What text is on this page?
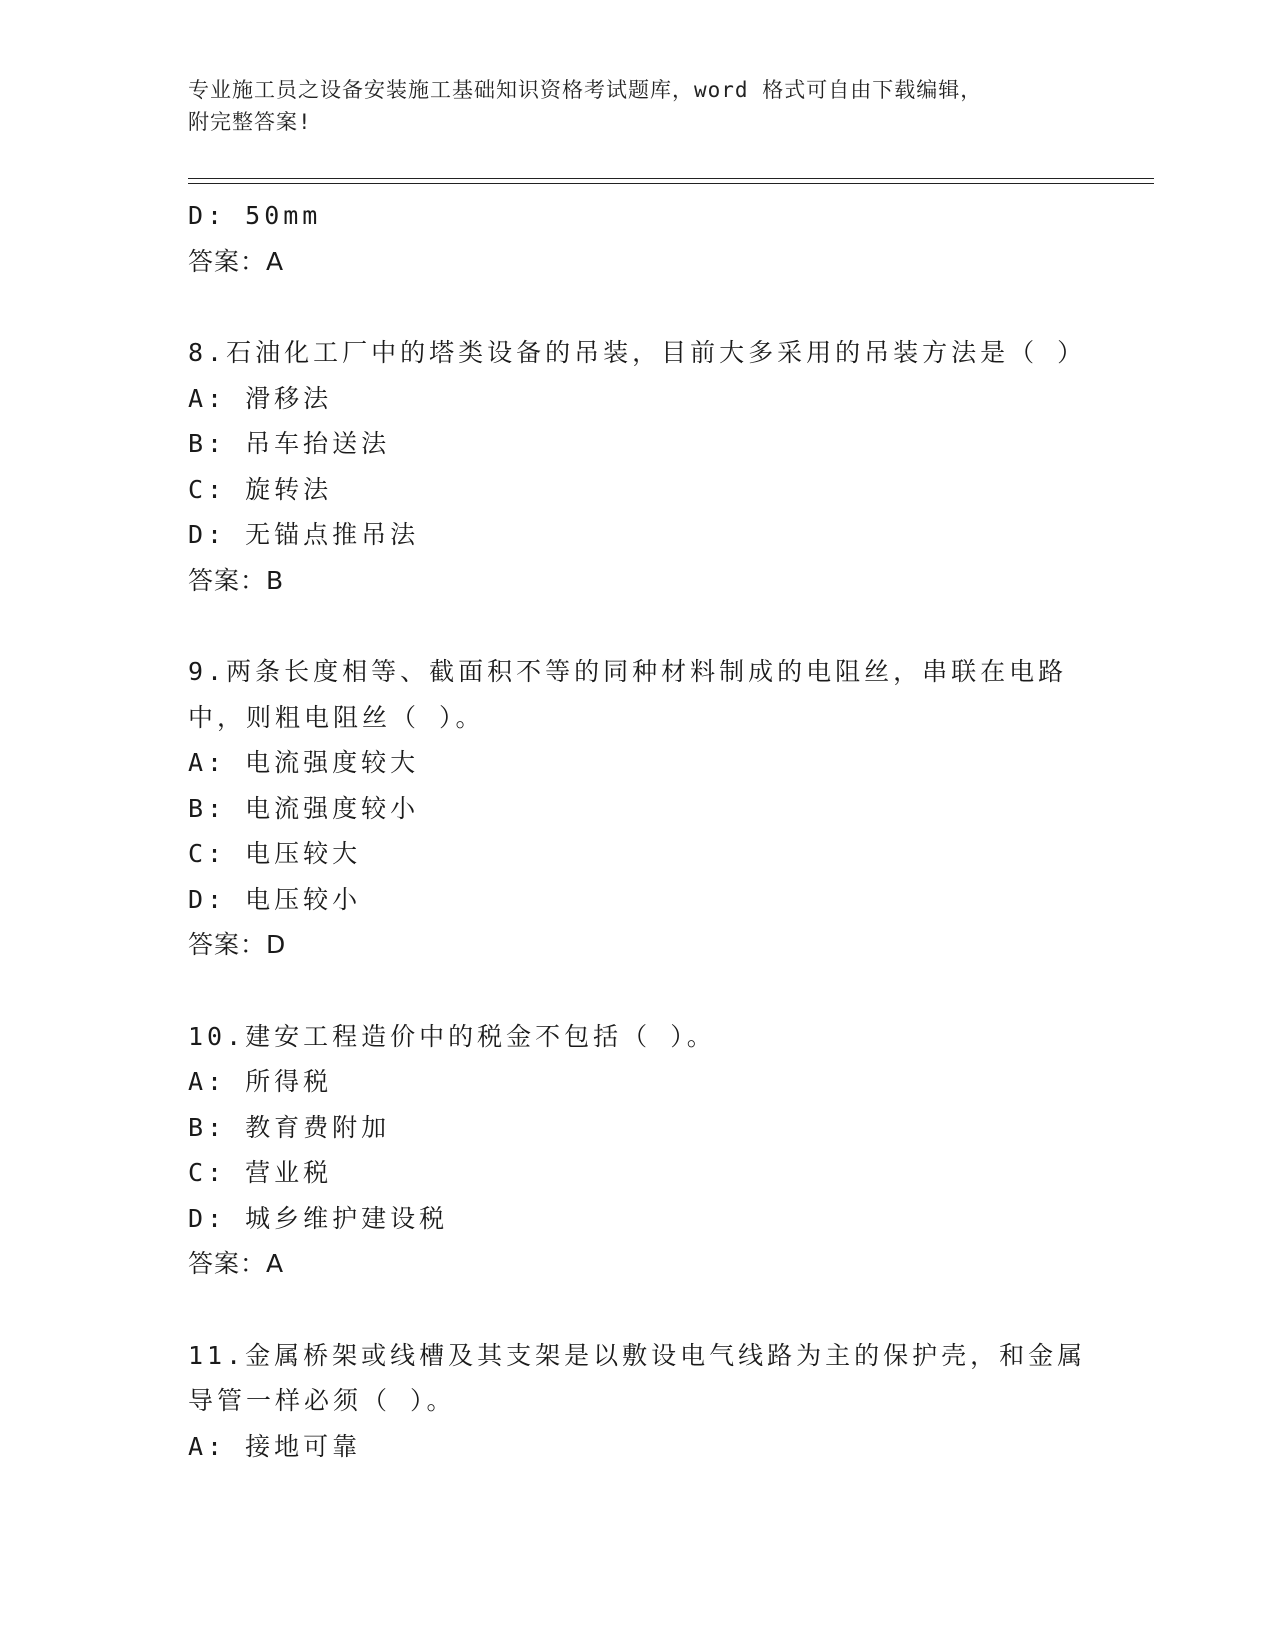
专业施工员之设备安装施工基础知识资格考试题库，word 格式可自由下载编辑，
附完整答案!
D: 50mm
答案：A
8.石油化工厂中的塔类设备的吊装，目前大多采用的吊装方法是（ ）
A: 滑移法
B: 吊车抬送法
C: 旋转法
D: 无锚点推吊法
答案：B
9.两条长度相等、截面积不等的同种材料制成的电阻丝，串联在电路
中，则粗电阻丝（ ）。
A: 电流强度较大
B: 电流强度较小
C: 电压较大
D: 电压较小
答案：D
10.建安工程造价中的税金不包括（ ）。
A: 所得税
B: 教育费附加
C: 营业税
D: 城乡维护建设税
答案：A
11.金属桥架或线槽及其支架是以敷设电气线路为主的保护壳，和金属
导管一样必须（ ）。
A: 接地可靠
